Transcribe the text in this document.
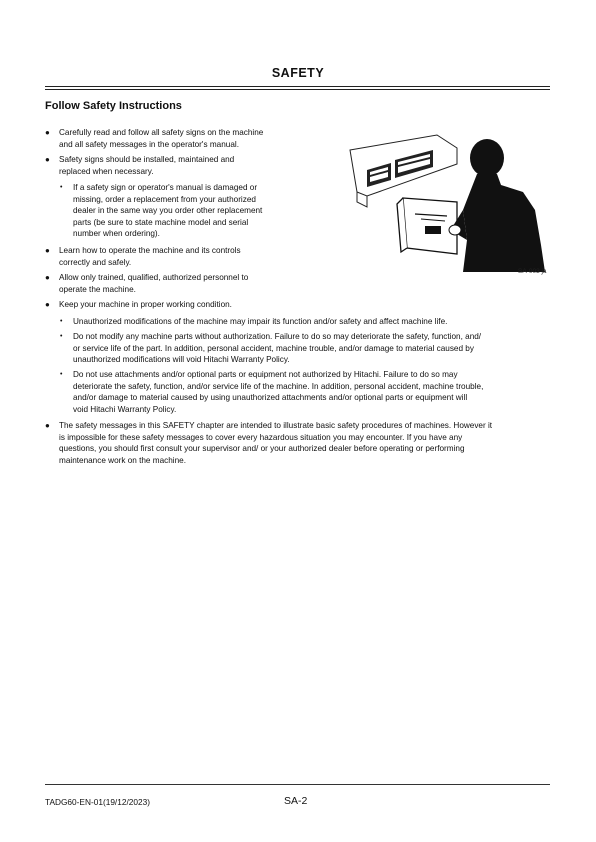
SAFETY
Follow Safety Instructions
● Carefully read and follow all safety signs on the machine
and all safety messages in the operator's manual.
● Safety signs should be installed, maintained and
replaced when necessary.
• If a safety sign or operator's manual is damaged or
missing, order a replacement from your authorized
dealer in the same way you order other replacement
parts (be sure to state machine model and serial
number when ordering).
● Learn how to operate the machine and its controls
correctly and safely.
● Allow only trained, qualified, authorized personnel to
operate the machine.
● Keep your machine in proper working condition.
• Unauthorized modifications of the machine may impair its function and/or safety and affect machine life.
• Do not modify any machine parts without authorization. Failure to do so may deteriorate the safety, function, and/
or service life of the part. In addition, personal accident, machine trouble, and/or damage to material caused by
unauthorized modifications will void Hitachi Warranty Policy.
• Do not use attachments and/or optional parts or equipment not authorized by Hitachi. Failure to do so may
deteriorate the safety, function, and/or service life of the machine. In addition, personal accident, machine trouble,
and/or damage to material caused by using unauthorized attachments and/or optional parts or equipment will
void Hitachi Warranty Policy.
● The safety messages in this SAFETY chapter are intended to illustrate basic safety procedures of machines. However it
is impossible for these safety messages to cover every hazardous situation you may encounter. If you have any
questions, you should first consult your supervisor and/ or your authorized dealer before operating or performing
maintenance work on the machine.
SA-003 ja
TADG60-EN-01(19/12/2023)	SA-2
